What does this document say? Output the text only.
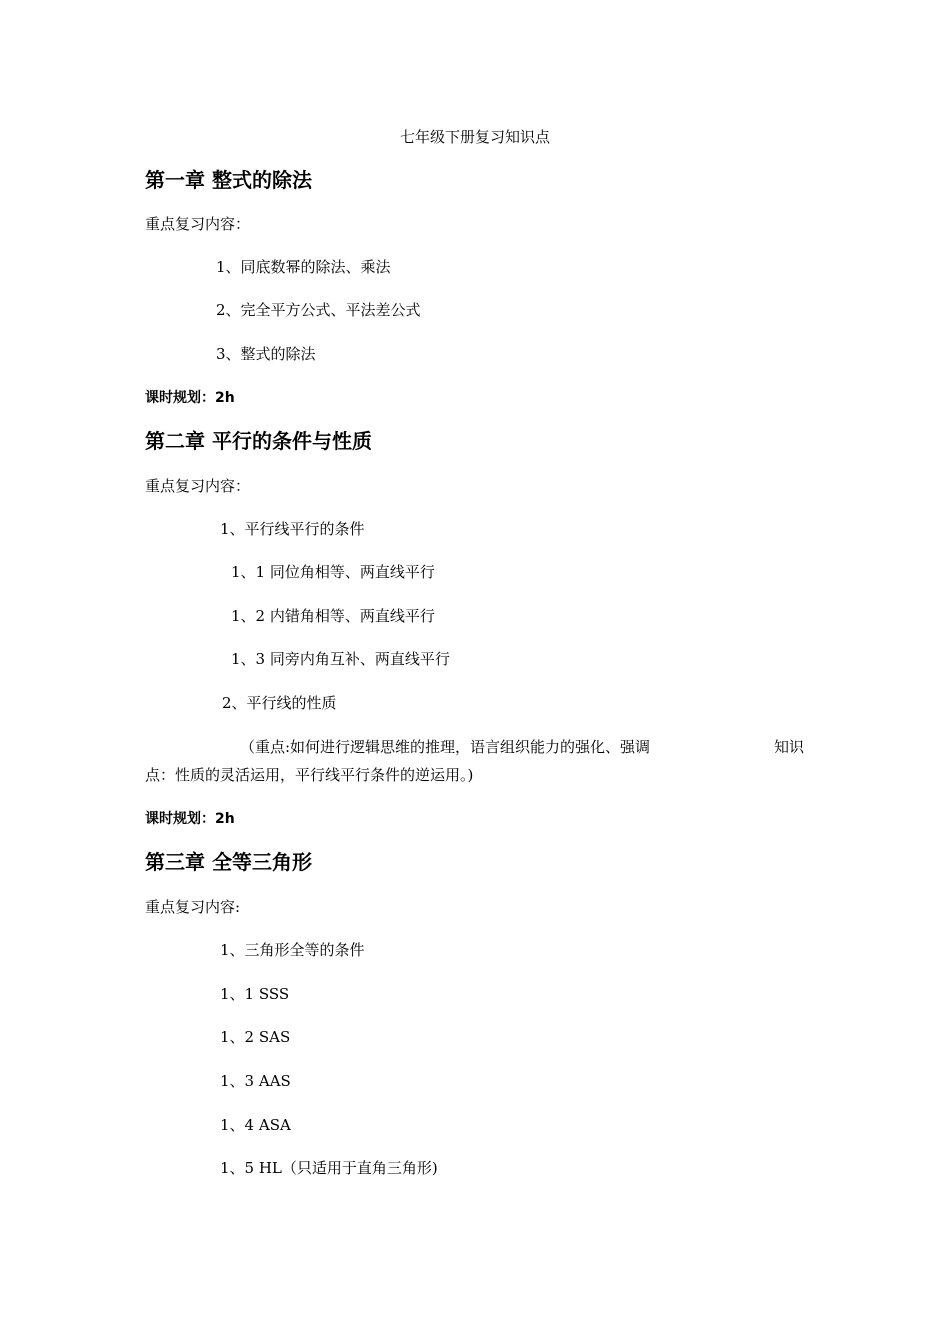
七年级下册复习知识点
第一章 整式的除法
重点复习内容：
1、同底数幂的除法、乘法
2、完全平方公式、平法差公式
3、整式的除法
课时规划：2h
第二章 平行的条件与性质
重点复习内容：
1、平行线平行的条件
1、1 同位角相等、两直线平行
1、2 内错角相等、两直线平行
1、3 同旁内角互补、两直线平行
2、平行线的性质
（重点:如何进行逻辑思维的推理，语言组织能力的强化、强调	知识
点：性质的灵活运用，平行线平行条件的逆运用。)
课时规划：2h
第三章 全等三角形
重点复习内容:
1、三角形全等的条件
1、1 SSS
1、2 SAS
1、3 AAS
1、4 ASA
1、5 HL（只适用于直角三角形)
